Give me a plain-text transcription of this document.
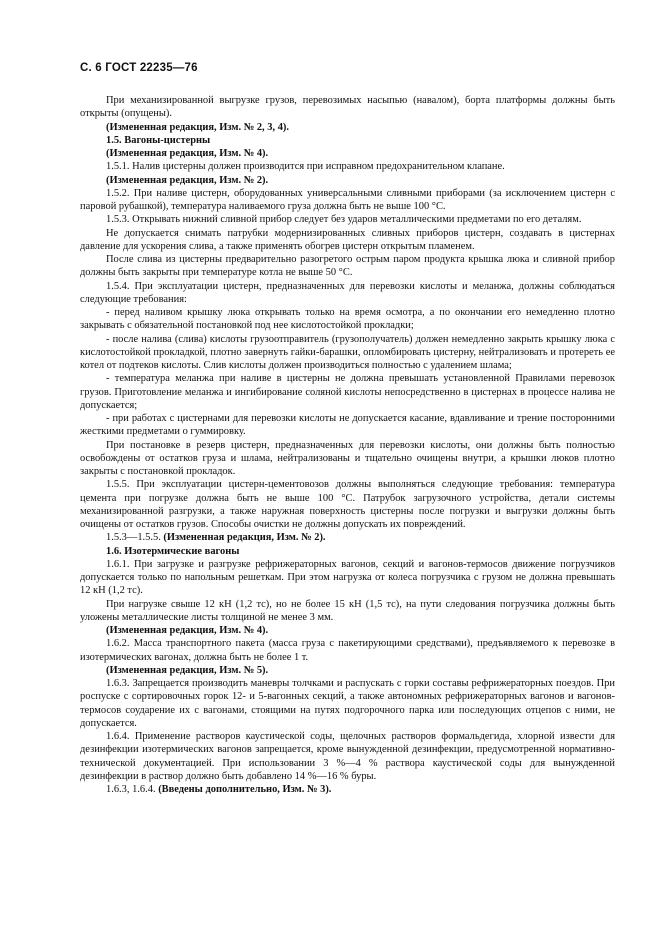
С. 6 ГОСТ 22235—76

При механизированной выгрузке грузов, перевозимых насыпью (навалом), борта платформы должны быть открыты (опущены).

(Измененная редакция, Изм. № 2, 3, 4).

1.5. Вагоны-цистерны

(Измененная редакция, Изм. № 4).

1.5.1. Налив цистерны должен производится при исправном предохранительном клапане.

(Измененная редакция, Изм. № 2).

1.5.2. При наливе цистерн, оборудованных универсальными сливными приборами (за исключением цистерн с паровой рубашкой), температура наливаемого груза должна быть не выше 100 °С.

1.5.3. Открывать нижний сливной прибор следует без ударов металлическими предметами по его деталям.

Не допускается снимать патрубки модернизированных сливных приборов цистерн, создавать в цистернах давление для ускорения слива, а также применять обогрев цистерн открытым пламенем.

После слива из цистерны предварительно разогретого острым паром продукта крышка люка и сливной прибор должны быть закрыты при температуре котла не выше 50 °С.

1.5.4. При эксплуатации цистерн, предназначенных для перевозки кислоты и меланжа, должны соблюдаться следующие требования:

- перед наливом крышку люка открывать только на время осмотра, а по окончании его немедленно плотно закрывать с обязательной постановкой под нее кислотостойкой прокладки;

- после налива (слива) кислоты грузоотправитель (грузополучатель) должен немедленно закрыть крышку люка с кислотостойкой прокладкой, плотно завернуть гайки-барашки, опломбировать цистерну, нейтрализовать и протереть ее котел от подтеков кислоты. Слив кислоты должен производиться полностью с удалением шлама;

- температура меланжа при наливе в цистерны не должна превышать установленной Правилами перевозок грузов. Приготовление меланжа и ингибирование соляной кислоты непосредственно в цистернах в процессе налива не допускается;

- при работах с цистернами для перевозки кислоты не допускается касание, вдавливание и трение посторонними жесткими предметами о гуммировку.

При постановке в резерв цистерн, предназначенных для перевозки кислоты, они должны быть полностью освобождены от остатков груза и шлама, нейтрализованы и тщательно очищены внутри, а крышки люков плотно закрыты с постановкой прокладок.

1.5.5. При эксплуатации цистерн-цементовозов должны выполняться следующие требования: температура цемента при погрузке должна быть не выше 100 °С. Патрубок загрузочного устройства, детали системы механизированной разгрузки, а также наружная поверхность цистерны после погрузки и выгрузки должны быть очищены от остатков грузов. Способы очистки не должны допускать их повреждений.

1.5.3—1.5.5. (Измененная редакция, Изм. № 2).

1.6. Изотермические вагоны

1.6.1. При загрузке и разгрузке рефрижераторных вагонов, секций и вагонов-термосов движение погрузчиков допускается только по напольным решеткам. При этом нагрузка от колеса погрузчика с грузом не должна превышать 12 кН (1,2 тс).

При нагрузке свыше 12 кН (1,2 тс), но не более 15 кН (1,5 тс), на пути следования погрузчика должны быть уложены металлические листы толщиной не менее 3 мм.

(Измененная редакция, Изм. № 4).

1.6.2. Масса транспортного пакета (масса груза с пакетирующими средствами), предъявляемого к перевозке в изотермических вагонах, должна быть не более 1 т.

(Измененная редакция, Изм. № 5).

1.6.3. Запрещается производить маневры толчками и распускать с горки составы рефрижераторных поездов. При роспуске с сортировочных горок 12- и 5-вагонных секций, а также автономных рефрижераторных вагонов и вагонов-термосов соударение их с вагонами, стоящими на путях подгорочного парка или последующих отцепов с ними, не допускается.

1.6.4. Применение растворов каустической соды, щелочных растворов формальдегида, хлорной извести для дезинфекции изотермических вагонов запрещается, кроме вынужденной дезинфекции, предусмотренной нормативно-технической документацией. При использовании 3 %—4 % раствора каустической соды для вынужденной дезинфекции в раствор должно быть добавлено 14 %—16 % буры.

1.6.3, 1.6.4. (Введены дополнительно, Изм. № 3).
